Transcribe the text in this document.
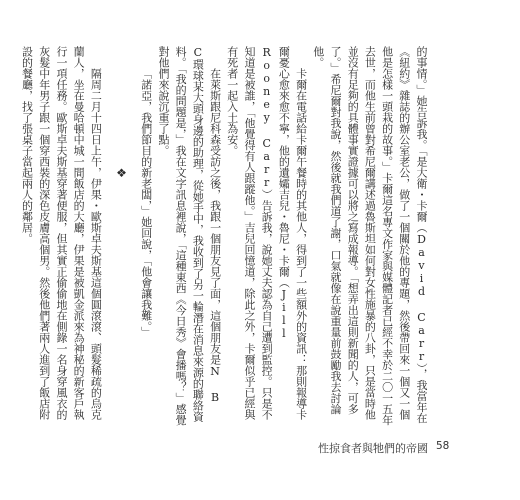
的事情。」她告訴我。「是大衛・卡爾（David Carr），我當年在《紐約》雜誌的辦公室老公，做了一個關於他的專題，然後帶回來一個又一個他是怎樣一頭栽的故事。」卡爾這名專文作家與媒體記者已經不幸於二〇一五年去世，而他生前曾對希尼爾講述過魯斯坦如何對女性施暴的八卦，只是當時他並沒有足夠的具體事實證據可以將之寫成報導。「想弄出這則新聞的人，可多了。」希尼爾對我說，然後就我們道了謝，口氣就像在說重量前鼓勵我去討論他。

卡爾在電話給卡爾午餐時的其他人，得到了一些額外的資訊：那則報導卡爾憂心愈來愈不寧，他的遺孀吉兒・魯尼・卡爾（Jill Rooney Carr）告訴我，說她丈夫認為自己遭到監控。只是不知道是被誰，「他覺得有人跟蹤他。」吉兒回憶道，除此之外，卡爾似乎已經與有死者一起入土為安。

在萊斯跟尼科森受訪之後，我跟一個朋友見了面，這個朋友是N B C環球某大頭身邊的助理，從她手中，我收到了另一輪潛在消息來源的聯絡資料。「我的問題是，」我在文字訊息裡說，「這種東西《今日秀》會播嗎？」感覺對他們來說沉重了點。

「諾亞，我們節目的新老闆，」她回說，「他會讓我難。」

❖

隔周二月十四日上午，伊果・歐斯卓夫斯基這個圓滾滾、頭髮稀疏的烏克蘭人，坐在曼哈頓中城一間飯店的大廳，伊果是被凱金派來為神秘的新客戶執行一項任務。歐斯卓夫斯基穿著便服，但其實正偷偷地在側錄一名身穿風衣的灰髮中年男子跟一個穿西裝的深色皮膚高個男。然後他們著兩人進到了飯店附設的餐廳，找了張桌子當起兩人的鄰居。

性掠食者與牠們的帝國 58
